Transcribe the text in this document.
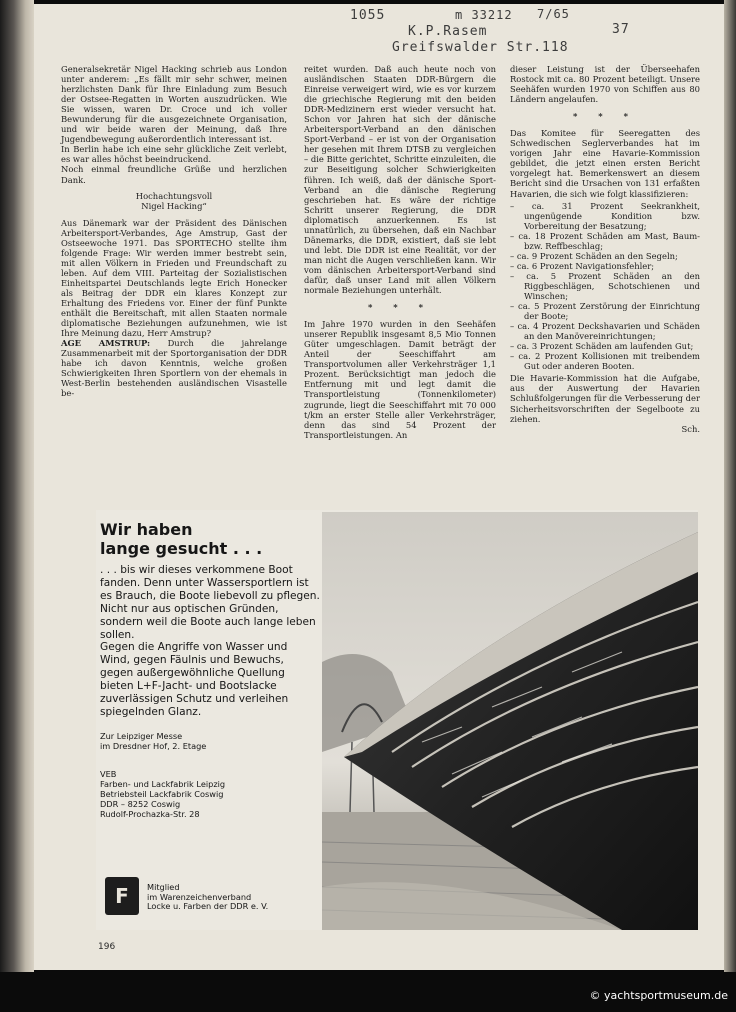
1055	m 33212 7/65
37
K.P.Rasem
Greifswalder Str.118

Generalsekretär Nigel Hacking schrieb aus London unter anderem: „Es fällt mir sehr schwer, meinen herzlichsten Dank für Ihre Einladung zum Besuch der Ostsee-Regatten in Worten auszudrücken. Wie Sie wissen, waren Dr. Croce und ich voller Bewunderung für die ausgezeichnete Organisation, und wir beide waren der Meinung, daß Ihre Jugendbewegung außerordentlich interessant ist.

In Berlin habe ich eine sehr glückliche Zeit verlebt, es war alles höchst beeindruckend.

Noch einmal freundliche Grüße und herzlichen Dank.

Hochachtungsvoll

Nigel Hacking“

Aus Dänemark war der Präsident des Dänischen Arbeitersport-Verbandes, Age Amstrup, Gast der Ostseewoche 1971. Das SPORTECHO stellte ihm folgende Frage: Wir werden immer bestrebt sein, mit allen Völkern in Frieden und Freundschaft zu leben. Auf dem VIII. Parteitag der Sozialistischen Einheitspartei Deutschlands legte Erich Honecker als Beitrag der DDR ein klares Konzept zur Erhaltung des Friedens vor. Einer der fünf Punkte enthält die Bereitschaft, mit allen Staaten normale diplomatische Beziehungen aufzunehmen, wie ist Ihre Meinung dazu, Herr Amstrup?

AGE AMSTRUP: Durch die jahrelange Zusammenarbeit mit der Sportorganisation der DDR habe ich davon Kenntnis, welche großen Schwierigkeiten Ihren Sportlern von der ehemals in West-Berlin bestehenden ausländischen Visastelle be-

reitet wurden. Daß auch heute noch von ausländischen Staaten DDR-Bürgern die Einreise verweigert wird, wie es vor kurzem die griechische Regierung mit den beiden DDR-Medizinern erst wieder versucht hat. Schon vor Jahren hat sich der dänische Arbeitersport-Verband an den dänischen Sport-Verband – er ist von der Organisation her gesehen mit Ihrem DTSB zu vergleichen – die Bitte gerichtet, Schritte einzuleiten, die zur Beseitigung solcher Schwierigkeiten führen. Ich weiß, daß der dänische Sport-Verband an die dänische Regierung geschrieben hat. Es wäre der richtige Schritt unserer Regierung, die DDR diplomatisch anzuerkennen. Es ist unnatürlich, zu übersehen, daß ein Nachbar Dänemarks, die DDR, existiert, daß sie lebt und lebt. Die DDR ist eine Realität, vor der man nicht die Augen verschließen kann. Wir vom dänischen Arbeitersport-Verband sind dafür, daß unser Land mit allen Völkern normale Beziehungen unterhält.

* * *

Im Jahre 1970 wurden in den Seehäfen unserer Republik insgesamt 8,5 Mio Tonnen Güter umgeschlagen. Damit beträgt der Anteil der Seeschiffahrt am Transportvolumen aller Verkehrsträger 1,1 Prozent. Berücksichtigt man jedoch die Entfernung mit und legt damit die Transportleistung (Tonnenkilometer) zugrunde, liegt die Seeschiffahrt mit 70 000 t/km an erster Stelle aller Verkehrsträger, denn das sind 54 Prozent der Transportleistungen. An

dieser Leistung ist der Überseehafen Rostock mit ca. 80 Prozent beteiligt. Unsere Seehäfen wurden 1970 von Schiffen aus 80 Ländern angelaufen.

* * *

Das Komitee für Seeregatten des Schwedischen Seglerverbandes hat im vorigen Jahr eine Havarie-Kommission gebildet, die jetzt einen ersten Bericht vorgelegt hat. Bemerkenswert an diesem Bericht sind die Ursachen von 131 erfaßten Havarien, die sich wie folgt klassifizieren:

– ca. 31 Prozent Seekrankheit, ungenügende Kondition bzw. Vorbereitung der Besatzung;
– ca. 18 Prozent Schäden am Mast, Baum- bzw. Reffbeschlag;
– ca. 9 Prozent Schäden an den Segeln;
– ca. 6 Prozent Navigationsfehler;
– ca. 5 Prozent Schäden an den Riggbeschlägen, Schotschienen und Winschen;
– ca. 5 Prozent Zerstörung der Einrichtung der Boote;
– ca. 4 Prozent Deckshavarien und Schäden an den Manövereinrichtungen;
– ca. 3 Prozent Schäden am laufenden Gut;
– ca. 2 Prozent Kollisionen mit treibendem Gut oder anderen Booten.

Die Havarie-Kommission hat die Aufgabe, aus der Auswertung der Havarien Schlußfolgerungen für die Verbesserung der Sicherheitsvorschriften der Segelboote zu ziehen.

Sch.

Wir haben
lange gesucht . . .

. . . bis wir dieses verkommene Boot fanden. Denn unter Wassersportlern ist es Brauch, die Boote liebevoll zu pflegen.

Nicht nur aus optischen Gründen, sondern weil die Boote auch lange leben sollen.

Gegen die Angriffe von Wasser und Wind, gegen Fäulnis und Bewuchs, gegen außergewöhnliche Quellung bieten L+F-Jacht- und Bootslacke zuverlässigen Schutz und verleihen spiegelnden Glanz.

Zur Leipziger Messe

im Dresdner Hof, 2. Etage

VEB

Farben- und Lackfabrik Leipzig

Betriebsteil Lackfabrik Coswig

DDR – 8252 Coswig

Rudolf-Prochazka-Str. 28

F	Mitglied
im Warenzeichenverband
Locke u. Farben der DDR e. V.
196
© yachtsportmuseum.de
